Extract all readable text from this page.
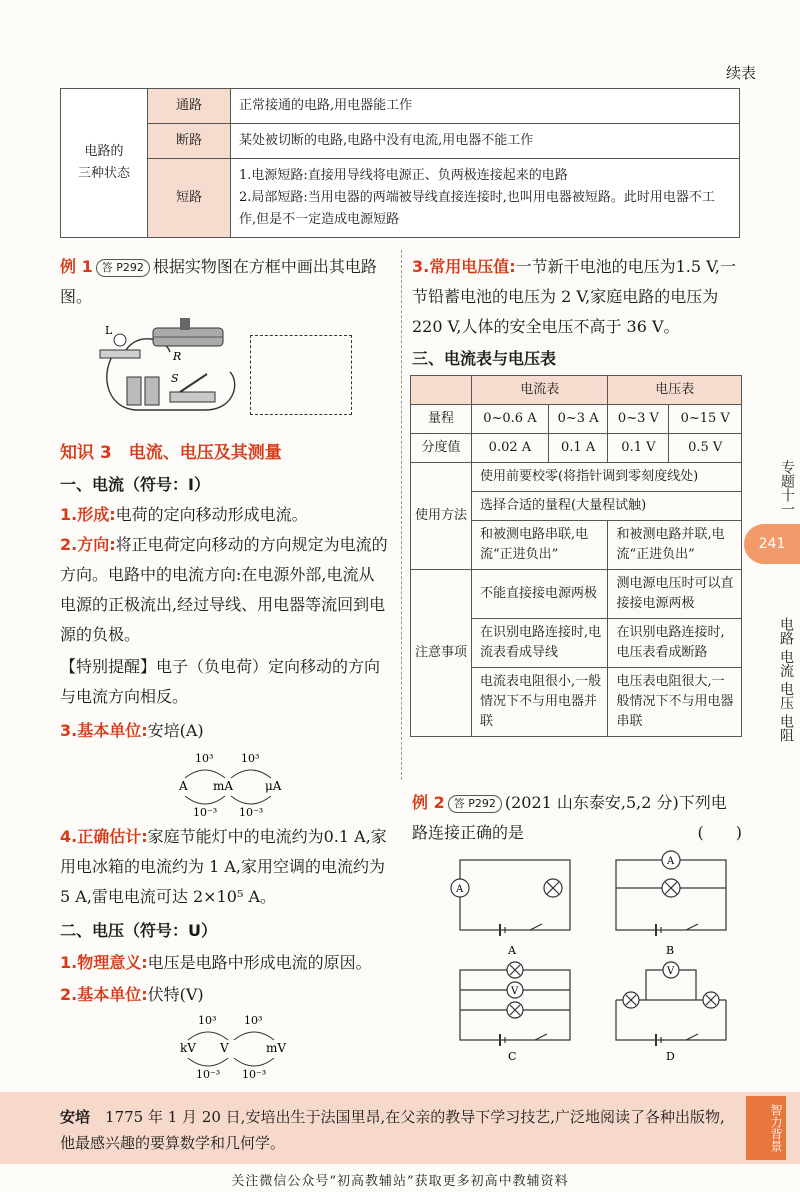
续表
电路的
三种状态	通路	正常接通的电路,用电器能工作
	断路	某处被切断的电路,电路中没有电流,用电器不能工作
	短路	1.电源短路:直接用导线将电源正、负两极连接起来的电路
2.局部短路:当用电器的两端被导线直接连接时,也叫用电器被短路。此时用电器不工作,但是不一定造成电源短路
例 1 答 P292 根据实物图在方框中画出其电路图。
L
R
S
知识 3　电流、电压及其测量
一、电流（符号：I）
1.形成:电荷的定向移动形成电流。
2.方向:将正电荷定向移动的方向规定为电流的方向。电路中的电流方向:在电源外部,电流从电源的正极流出,经过导线、用电器等流回到电源的负极。
【特别提醒】电子（负电荷）定向移动的方向与电流方向相反。
3.基本单位:安培(A)
10³	10³
A mA	μA
10⁻³ 10⁻³
4.正确估计:家庭节能灯中的电流约为0.1 A,家用电冰箱的电流约为 1 A,家用空调的电流约为 5 A,雷电电流可达 2×10⁵ A。
二、电压（符号：U）
1.物理意义:电压是电路中形成电流的原因。
2.基本单位:伏特(V)
10³	10³
kV V	mV
10⁻³ 10⁻³
3.常用电压值:一节新干电池的电压为1.5 V,一节铅蓄电池的电压为 2 V,家庭电路的电压为 220 V,人体的安全电压不高于 36 V。
三、电流表与电压表
	电流表		电压表	
量程	0~0.6 A	0~3 A	0~3 V	0~15 V
分度值	0.02 A	0.1 A	0.1 V	0.5 V
使用方法	使用前要校零(将指针调到零刻度线处)			
	选择合适的量程(大量程试触)			
	和被测电路串联,电流“正进负出”		和被测电路并联,电流“正进负出”	
注意事项	不能直接接电源两极		测电源电压时可以直接接电源两极	
	在识别电路连接时,电流表看成导线		在识别电路连接时,电压表看成断路	
	电流表电阻很小,一般情况下不与用电器并联		电压表电阻很大,一般情况下不与用电器串联	
例 2 答 P292 (2021 山东泰安,5,2 分)下列电路连接正确的是	(　　)
A
A
A
B
V
C
V
D
专题十一
241
电路 电流 电压 电阻
安培　 1775 年 1 月 20 日,安培出生于法国里昂,在父亲的教导下学习技艺,广泛地阅读了各种出版物,他最感兴趣的要算数学和几何学。	智力背景
关注微信公众号“初高教辅站”获取更多初高中教辅资料
